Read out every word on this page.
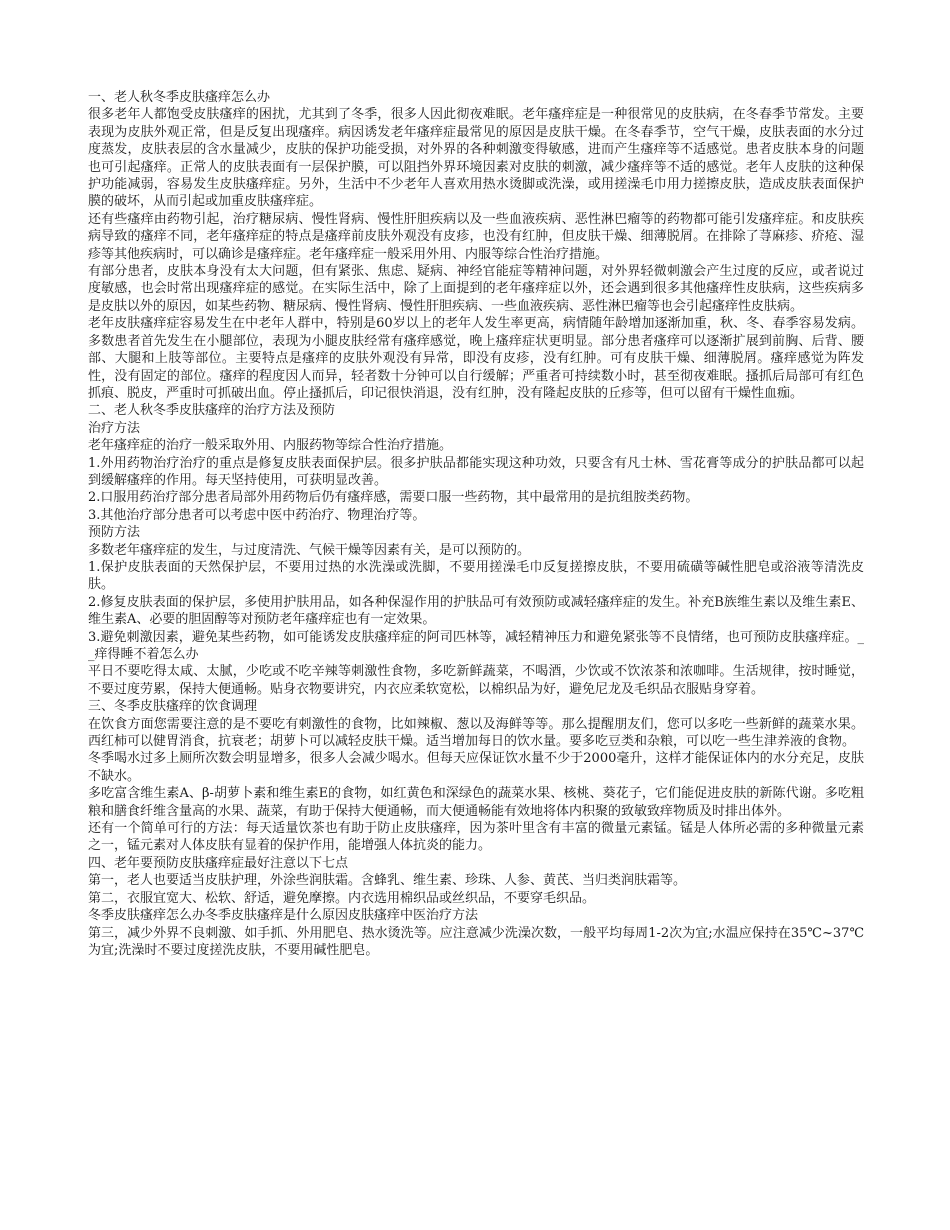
一、老人秋冬季皮肤瘙痒怎么办

很多老年人都饱受皮肤瘙痒的困扰，尤其到了冬季，很多人因此彻夜难眠。老年瘙痒症是一种很常见的皮肤病，在冬春季节常发。主要表现为皮肤外观正常，但是反复出现瘙痒。病因诱发老年瘙痒症最常见的原因是皮肤干燥。在冬春季节，空气干燥，皮肤表面的水分过度蒸发，皮肤表层的含水量减少，皮肤的保护功能受损，对外界的各种刺激变得敏感，进而产生瘙痒等不适感觉。患者皮肤本身的问题也可引起瘙痒。正常人的皮肤表面有一层保护膜，可以阻挡外界环境因素对皮肤的刺激，减少瘙痒等不适的感觉。老年人皮肤的这种保护功能减弱，容易发生皮肤瘙痒症。另外，生活中不少老年人喜欢用热水烫脚或洗澡，或用搓澡毛巾用力搓擦皮肤，造成皮肤表面保护膜的破坏，从而引起或加重皮肤瘙痒症。

还有些瘙痒由药物引起，治疗糖尿病、慢性肾病、慢性肝胆疾病以及一些血液疾病、恶性淋巴瘤等的药物都可能引发瘙痒症。和皮肤疾病导致的瘙痒不同，老年瘙痒症的特点是瘙痒前皮肤外观没有皮疹，也没有红肿，但皮肤干燥、细薄脱屑。在排除了荨麻疹、疥疮、湿疹等其他疾病时，可以确诊是瘙痒症。老年瘙痒症一般采用外用、内服等综合性治疗措施。

有部分患者，皮肤本身没有太大问题，但有紧张、焦虑、疑病、神经官能症等精神问题，对外界轻微刺激会产生过度的反应，或者说过度敏感，也会时常出现瘙痒症的感觉。在实际生活中，除了上面提到的老年瘙痒症以外，还会遇到很多其他瘙痒性皮肤病，这些疾病多是皮肤以外的原因，如某些药物、糖尿病、慢性肾病、慢性肝胆疾病、一些血液疾病、恶性淋巴瘤等也会引起瘙痒性皮肤病。

老年皮肤瘙痒症容易发生在中老年人群中，特别是60岁以上的老年人发生率更高，病情随年龄增加逐渐加重，秋、冬、春季容易发病。多数患者首先发生在小腿部位，表现为小腿皮肤经常有瘙痒感觉，晚上瘙痒症状更明显。部分患者瘙痒可以逐渐扩展到前胸、后背、腰部、大腿和上肢等部位。主要特点是瘙痒的皮肤外观没有异常，即没有皮疹，没有红肿。可有皮肤干燥、细薄脱屑。瘙痒感觉为阵发性，没有固定的部位。瘙痒的程度因人而异，轻者数十分钟可以自行缓解；严重者可持续数小时，甚至彻夜难眠。搔抓后局部可有红色抓痕、脱皮，严重时可抓破出血。停止搔抓后，印记很快消退，没有红肿，没有隆起皮肤的丘疹等，但可以留有干燥性血痂。

二、老人秋冬季皮肤瘙痒的治疗方法及预防

治疗方法

老年瘙痒症的治疗一般采取外用、内服药物等综合性治疗措施。

1.外用药物治疗治疗的重点是修复皮肤表面保护层。很多护肤品都能实现这种功效，只要含有凡士林、雪花膏等成分的护肤品都可以起到缓解瘙痒的作用。每天坚持使用，可获明显改善。

2.口服用药治疗部分患者局部外用药物后仍有瘙痒感，需要口服一些药物，其中最常用的是抗组胺类药物。

3.其他治疗部分患者可以考虑中医中药治疗、物理治疗等。

预防方法

多数老年瘙痒症的发生，与过度清洗、气候干燥等因素有关，是可以预防的。

1.保护皮肤表面的天然保护层，不要用过热的水洗澡或洗脚，不要用搓澡毛巾反复搓擦皮肤，不要用硫磺等碱性肥皂或浴液等清洗皮肤。

2.修复皮肤表面的保护层，多使用护肤用品，如各种保湿作用的护肤品可有效预防或减轻瘙痒症的发生。补充B族维生素以及维生素E、维生素A、必要的胆固醇等对预防老年瘙痒症也有一定效果。

3.避免刺激因素，避免某些药物，如可能诱发皮肤瘙痒症的阿司匹林等，减轻精神压力和避免紧张等不良情绪，也可预防皮肤瘙痒症。__痒得睡不着怎么办

平日不要吃得太咸、太腻，少吃或不吃辛辣等刺激性食物，多吃新鲜蔬菜，不喝酒，少饮或不饮浓茶和浓咖啡。生活规律，按时睡觉，不要过度劳累，保持大便通畅。贴身衣物要讲究，内衣应柔软宽松，以棉织品为好，避免尼龙及毛织品衣服贴身穿着。

三、冬季皮肤瘙痒的饮食调理

在饮食方面您需要注意的是不要吃有刺激性的食物，比如辣椒、葱以及海鲜等等。那么提醒朋友们，您可以多吃一些新鲜的蔬菜水果。西红柿可以健胃消食，抗衰老；胡萝卜可以减轻皮肤干燥。适当增加每日的饮水量。要多吃豆类和杂粮，可以吃一些生津养液的食物。

冬季喝水过多上厕所次数会明显增多，很多人会减少喝水。但每天应保证饮水量不少于2000毫升，这样才能保证体内的水分充足，皮肤不缺水。

多吃富含维生素A、β-胡萝卜素和维生素E的食物，如红黄色和深绿色的蔬菜水果、核桃、葵花子，它们能促进皮肤的新陈代谢。多吃粗粮和膳食纤维含量高的水果、蔬菜，有助于保持大便通畅，而大便通畅能有效地将体内积聚的致敏致痒物质及时排出体外。

还有一个简单可行的方法：每天适量饮茶也有助于防止皮肤瘙痒，因为茶叶里含有丰富的微量元素锰。锰是人体所必需的多种微量元素之一，锰元素对人体皮肤有显着的保护作用，能增强人体抗炎的能力。

四、老年要预防皮肤瘙痒症最好注意以下七点

第一，老人也要适当皮肤护理，外涂些润肤霜。含蜂乳、维生素、珍珠、人参、黄芪、当归类润肤霜等。

第二，衣服宜宽大、松软、舒适，避免摩擦。内衣选用棉织品或丝织品，不要穿毛织品。

冬季皮肤瘙痒怎么办冬季皮肤瘙痒是什么原因皮肤瘙痒中医治疗方法

第三，减少外界不良刺激、如手抓、外用肥皂、热水烫洗等。应注意减少洗澡次数，一般平均每周1-2次为宜;水温应保持在35℃~37℃为宜;洗澡时不要过度搓洗皮肤，不要用碱性肥皂。
